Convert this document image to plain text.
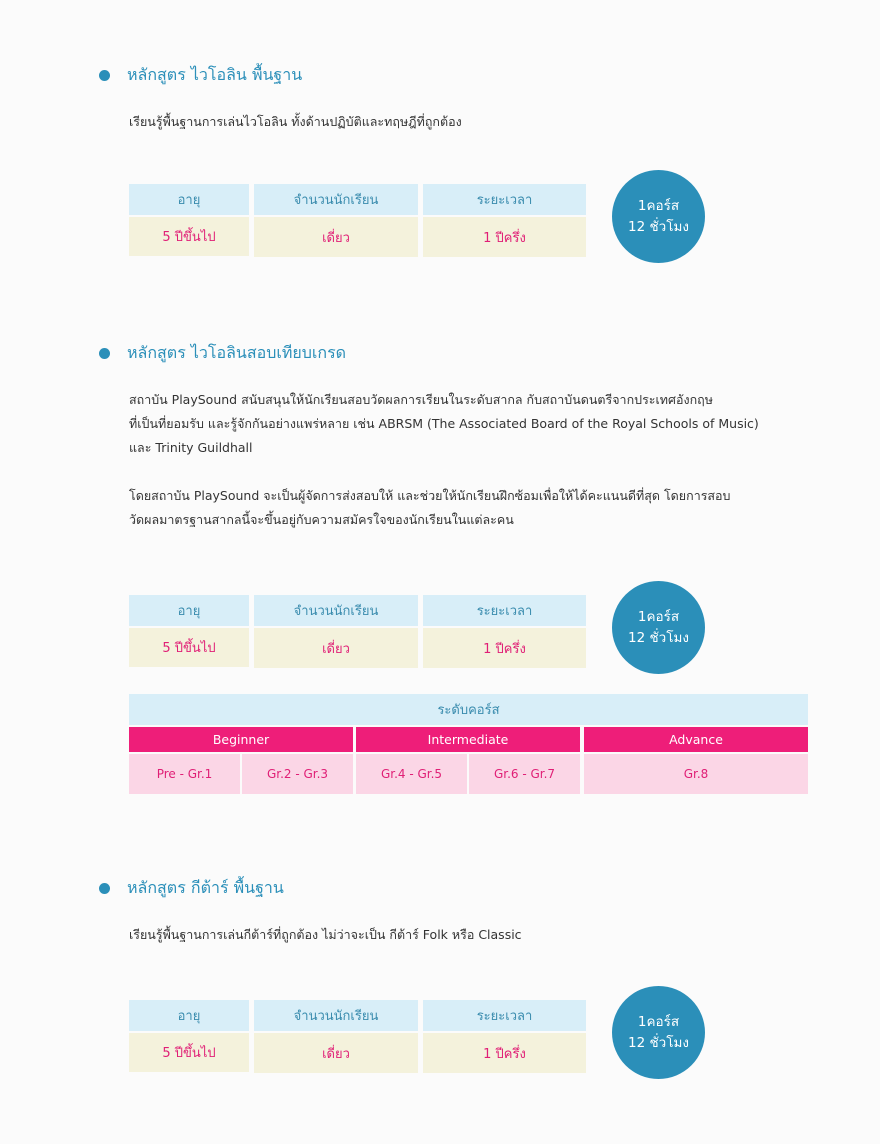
หลักสูตร ไวโอลิน พื้นฐาน

เรียนรู้พื้นฐานการเล่นไวโอลิน ทั้งด้านปฏิบัติและทฤษฎีที่ถูกต้อง

อายุ	จำนวนนักเรียน	ระยะเวลา
5 ปีขึ้นไป	เดี่ยว	1 ปีครึ่ง
1คอร์ส
12 ชั่วโมง
หลักสูตร ไวโอลินสอบเทียบเกรด

สถาบัน PlaySound สนับสนุนให้นักเรียนสอบวัดผลการเรียนในระดับสากล กับสถาบันดนตรีจากประเทศอังกฤษ

ที่เป็นที่ยอมรับ และรู้จักกันอย่างแพร่หลาย เช่น ABRSM (The Associated Board of the Royal Schools of Music)

และ Trinity Guildhall

โดยสถาบัน PlaySound จะเป็นผู้จัดการส่งสอบให้ และช่วยให้นักเรียนฝึกซ้อมเพื่อให้ได้คะแนนดีที่สุด โดยการสอบ

วัดผลมาตรฐานสากลนี้จะขึ้นอยู่กับความสมัครใจของนักเรียนในแต่ละคน

อายุ	จำนวนนักเรียน	ระยะเวลา
5 ปีขึ้นไป	เดี่ยว	1 ปีครึ่ง
1คอร์ส
12 ชั่วโมง
ระดับคอร์ส
Beginner	Intermediate	Advance
Pre - Gr.1	Gr.2 - Gr.3	Gr.4 - Gr.5	Gr.6 - Gr.7	Gr.8
หลักสูตร กีต้าร์ พื้นฐาน

เรียนรู้พื้นฐานการเล่นกีต้าร์ที่ถูกต้อง ไม่ว่าจะเป็น กีต้าร์ Folk หรือ Classic

อายุ	จำนวนนักเรียน	ระยะเวลา
5 ปีขึ้นไป	เดี่ยว	1 ปีครึ่ง
1คอร์ส
12 ชั่วโมง
